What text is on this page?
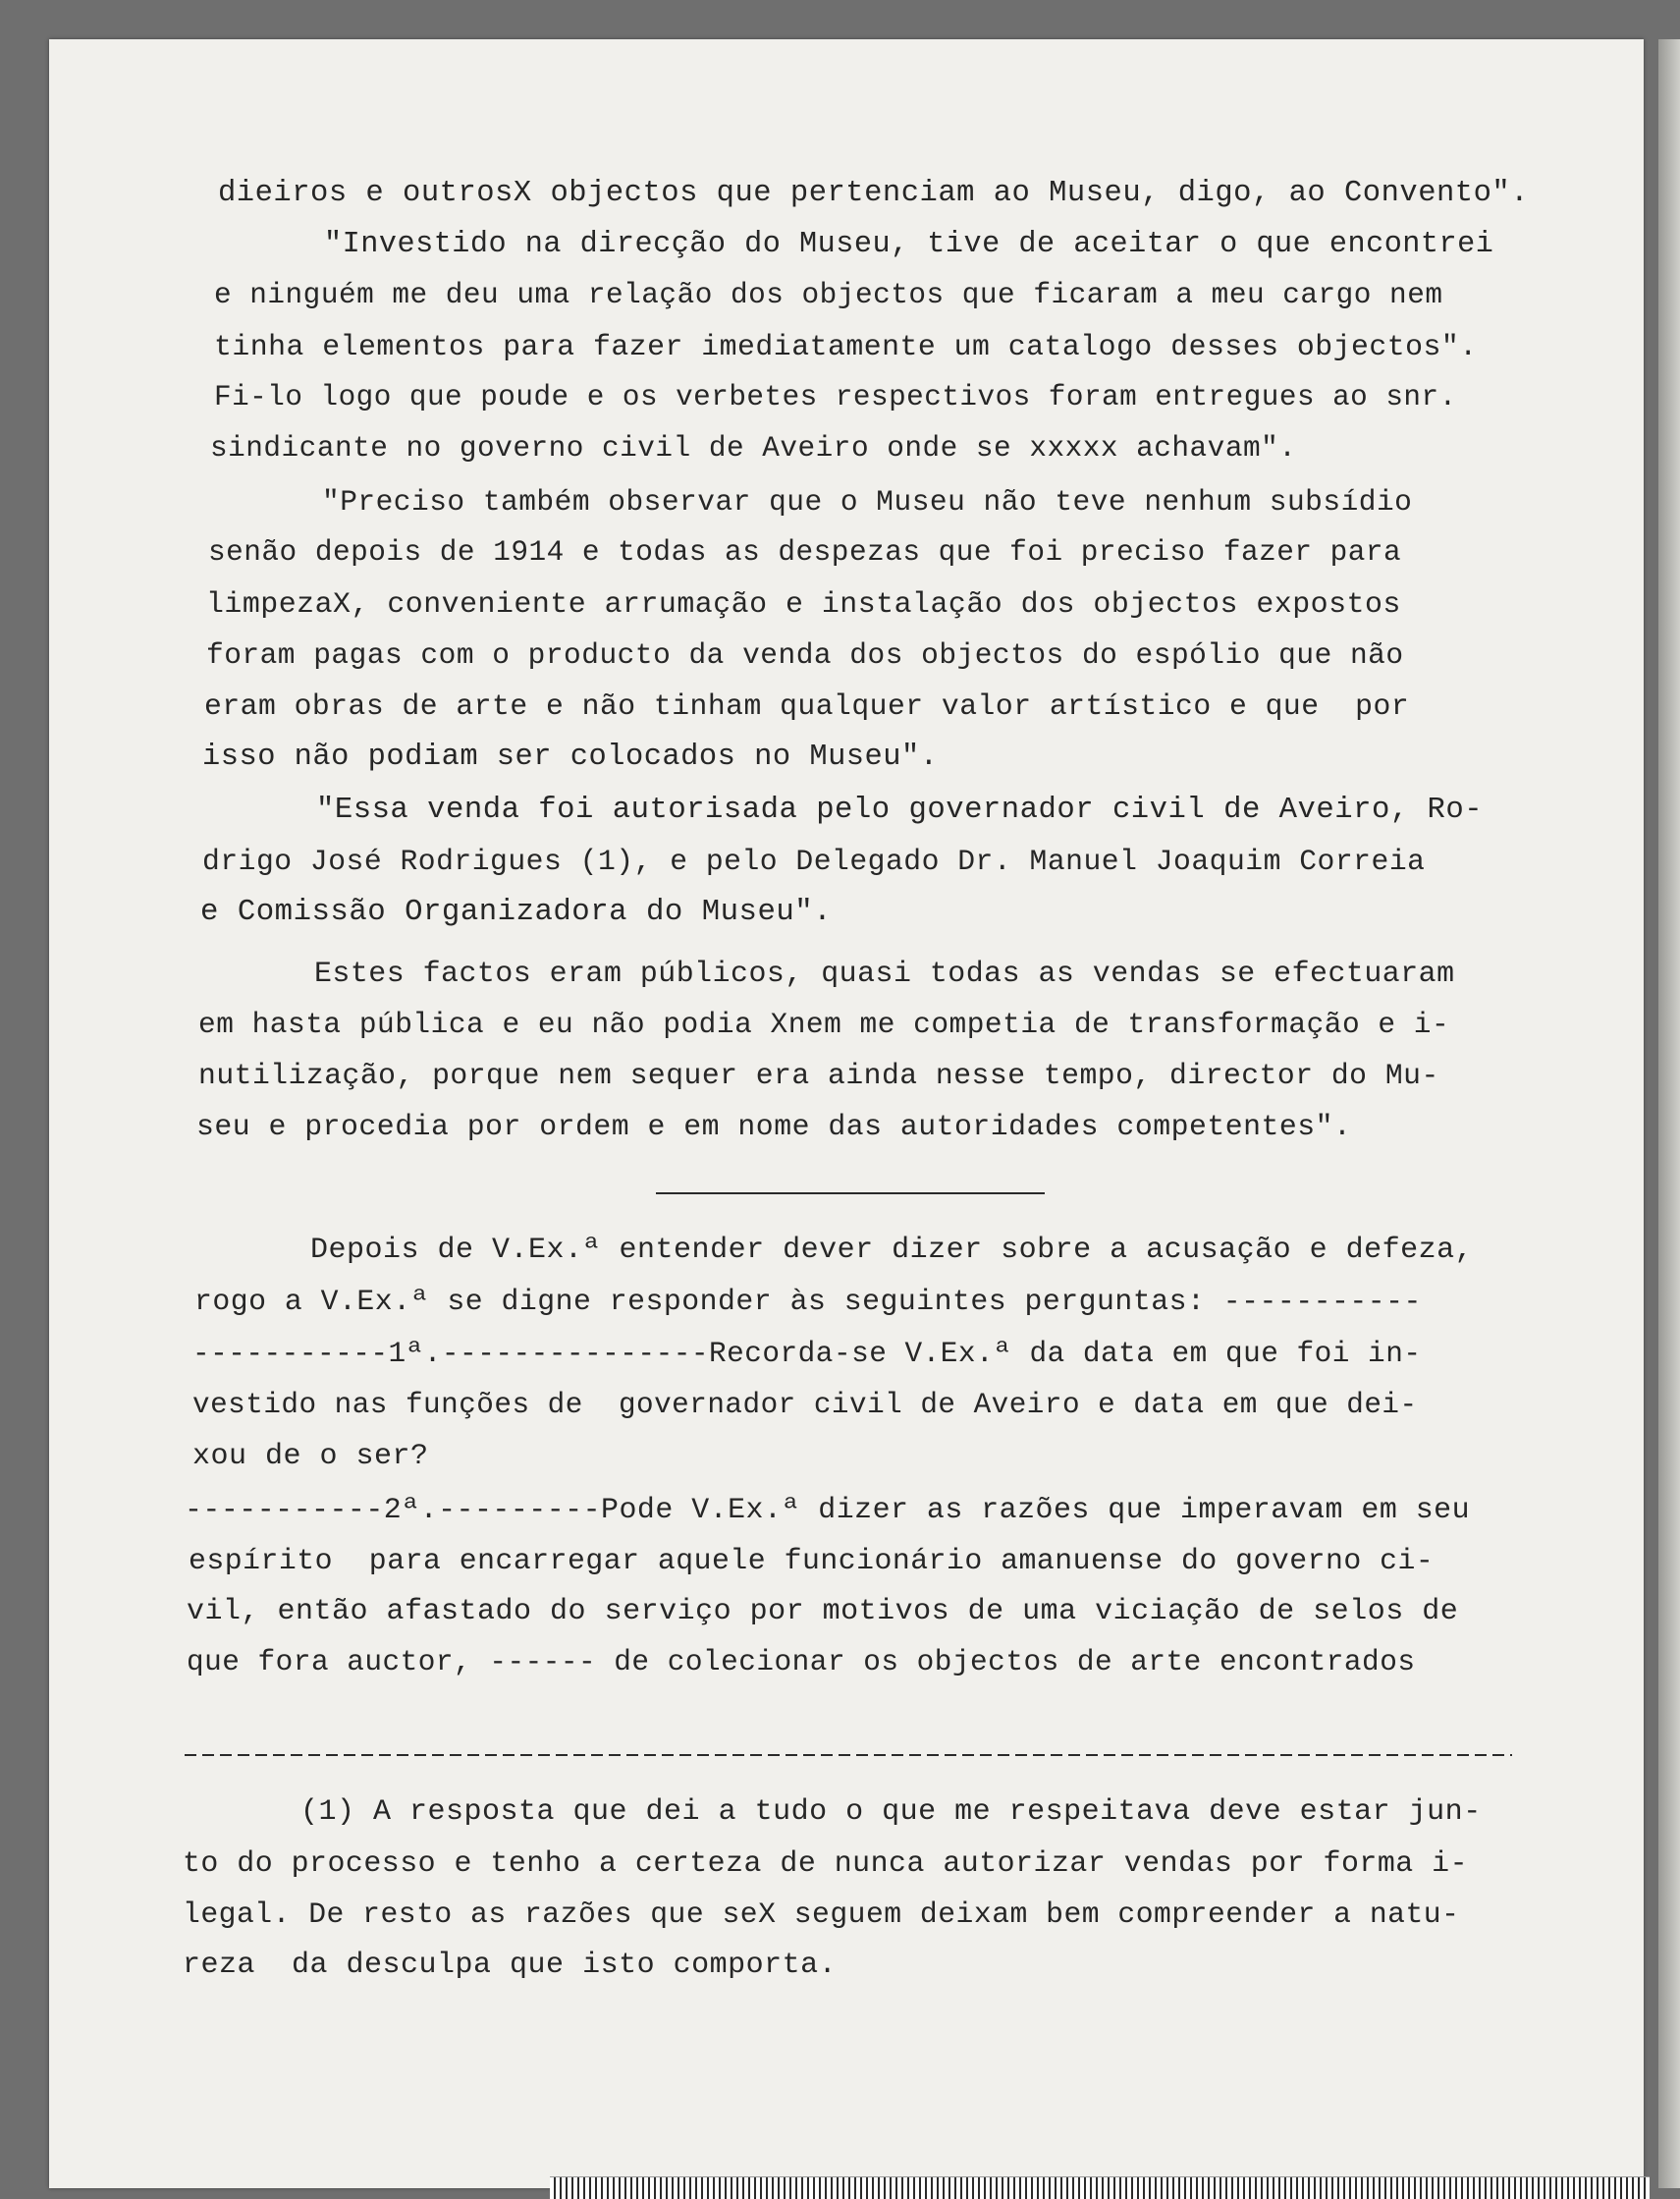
dieiros e outrosX objectos que pertenciam ao Museu, digo, ao Convento".
"Investido na direcção do Museu, tive de aceitar o que encontrei
e ninguém me deu uma relação dos objectos que ficaram a meu cargo nem
tinha elementos para fazer imediatamente um catalogo desses objectos".
Fi-lo logo que poude e os verbetes respectivos foram entregues ao snr.
sindicante no governo civil de Aveiro onde se xxxxx achavam".
"Preciso também observar que o Museu não teve nenhum subsídio
senão depois de 1914 e todas as despezas que foi preciso fazer para
limpezaX, conveniente arrumação e instalação dos objectos expostos
foram pagas com o producto da venda dos objectos do espólio que não
eram obras de arte e não tinham qualquer valor artístico e que  por
isso não podiam ser colocados no Museu".
"Essa venda foi autorisada pelo governador civil de Aveiro, Ro-
drigo José Rodrigues (1), e pelo Delegado Dr. Manuel Joaquim Correia
e Comissão Organizadora do Museu".
Estes factos eram públicos, quasi todas as vendas se efectuaram
em hasta pública e eu não podia Xnem me competia de transformação e i-
nutilização, porque nem sequer era ainda nesse tempo, director do Mu-
seu e procedia por ordem e em nome das autoridades competentes".
Depois de V.Ex.ª entender dever dizer sobre a acusação e defeza,
rogo a V.Ex.ª se digne responder às seguintes perguntas: -----------
-----------1ª.---------------Recorda-se V.Ex.ª da data em que foi in-
vestido nas funções de  governador civil de Aveiro e data em que dei-
xou de o ser?
-----------2ª.---------Pode V.Ex.ª dizer as razões que imperavam em seu
espírito  para encarregar aquele funcionário amanuense do governo ci-
vil, então afastado do serviço por motivos de uma viciação de selos de
que fora auctor, ------ de colecionar os objectos de arte encontrados
(1) A resposta que dei a tudo o que me respeitava deve estar jun-
to do processo e tenho a certeza de nunca autorizar vendas por forma i-
legal. De resto as razões que seX seguem deixam bem compreender a natu-
reza  da desculpa que isto comporta.
